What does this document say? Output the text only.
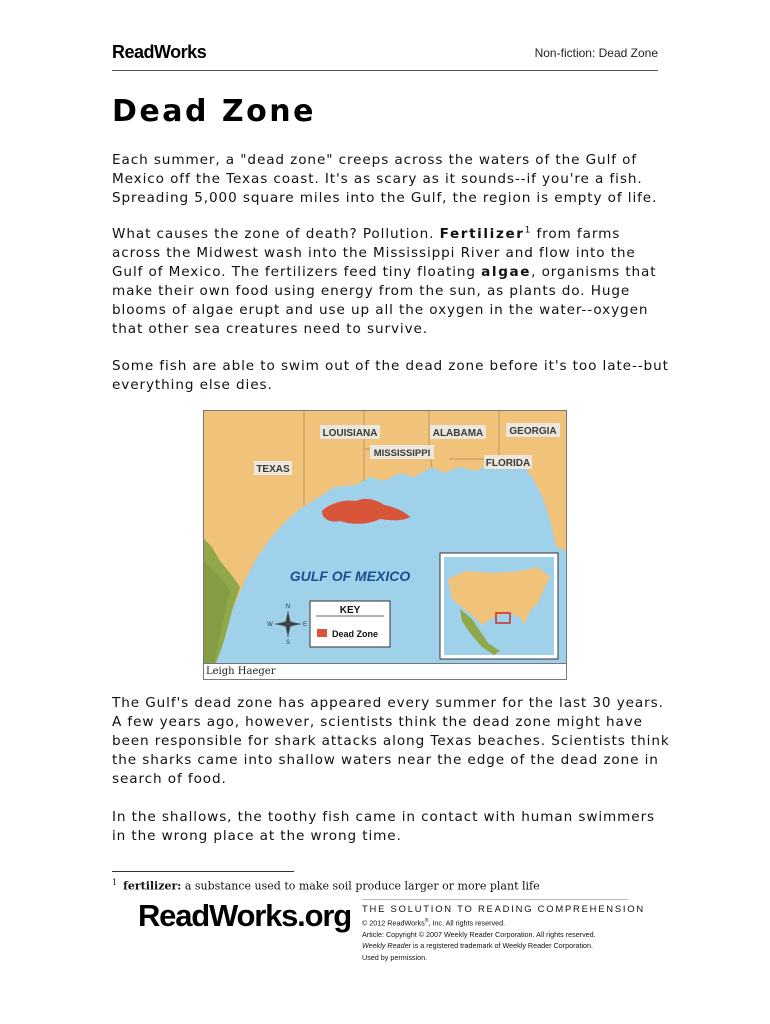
ReadWorks	Non-fiction: Dead Zone
Dead Zone

Each summer, a "dead zone" creeps across the waters of the Gulf of Mexico off the Texas coast. It's as scary as it sounds--if you're a fish. Spreading 5,000 square miles into the Gulf, the region is empty of life.

What causes the zone of death? Pollution. Fertilizer$^1$ from farms across the Midwest wash into the Mississippi River and flow into the Gulf of Mexico. The fertilizers feed tiny floating algae, organisms that make their own food using energy from the sun, as plants do. Huge blooms of algae erupt and use up all the oxygen in the water--oxygen that other sea creatures need to survive.

Some fish are able to swim out of the dead zone before it's too late--but everything else dies.

LOUISIANA	ALABAMA	GEORGIA
MISSISSIPPI
FLORIDA
TEXAS
GULF OF MEXICO
N
S
E
W
KEY
Dead Zone
Leigh Haeger

The Gulf's dead zone has appeared every summer for the last 30 years. A few years ago, however, scientists think the dead zone might have been responsible for shark attacks along Texas beaches. Scientists think the sharks came into shallow waters near the edge of the dead zone in search of food.

In the shallows, the toothy fish came in contact with human swimmers in the wrong place at the wrong time.

$^1$ fertilizer: a substance used to make soil produce larger or more plant life
ReadWorks.org THE SOLUTION TO READING COMPREHENSION
© 2012 ReadWorks®, Inc. All rights reserved.
Article: Copyright © 2007 Weekly Reader Corporation. All rights reserved.
Weekly Reader is a registered trademark of Weekly Reader Corporation.
Used by permission.
